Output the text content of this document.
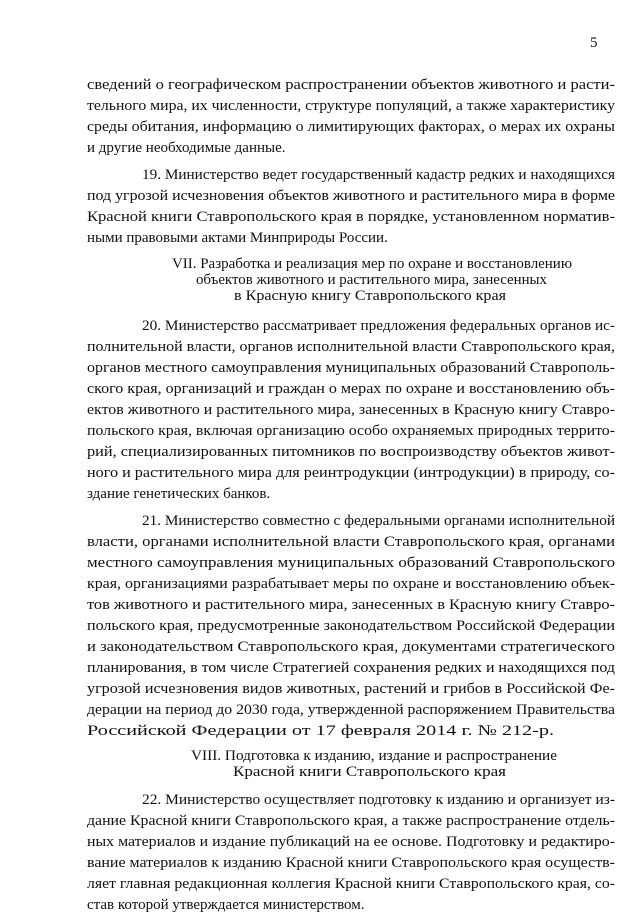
5
сведений о географическом распространении объектов животного и расти-
тельного мира, их численности, структуре популяций, а также характеристику
среды обитания, информацию о лимитирующих факторах, о мерах их охраны
и другие необходимые данные.
19. Министерство ведет государственный кадастр редких и находящихся
под угрозой исчезновения объектов животного и растительного мира в форме
Красной книги Ставропольского края в порядке, установленном норматив-
ными правовыми актами Минприроды России.
VII. Разработка и реализация мер по охране и восстановлению
объектов животного и растительного мира, занесенных
в Красную книгу Ставропольского края
20. Министерство рассматривает предложения федеральных органов ис-
полнительной власти, органов исполнительной власти Ставропольского края,
органов местного самоуправления муниципальных образований Ставрополь-
ского края, организаций и граждан о мерах по охране и восстановлению объ-
ектов животного и растительного мира, занесенных в Красную книгу Ставро-
польского края, включая организацию особо охраняемых природных террито-
рий, специализированных питомников по воспроизводству объектов живот-
ного и растительного мира для реинтродукции (интродукции) в природу, со-
здание генетических банков.
21. Министерство совместно с федеральными органами исполнительной
власти, органами исполнительной власти Ставропольского края, органами
местного самоуправления муниципальных образований Ставропольского
края, организациями разрабатывает меры по охране и восстановлению объек-
тов животного и растительного мира, занесенных в Красную книгу Ставро-
польского края, предусмотренные законодательством Российской Федерации
и законодательством Ставропольского края, документами стратегического
планирования, в том числе Стратегией сохранения редких и находящихся под
угрозой исчезновения видов животных, растений и грибов в Российской Фе-
дерации на период до 2030 года, утвержденной распоряжением Правительства
Российской Федерации от 17 февраля 2014 г. № 212-р.
VIII. Подготовка к изданию, издание и распространение
Красной книги Ставропольского края
22. Министерство осуществляет подготовку к изданию и организует из-
дание Красной книги Ставропольского края, а также распространение отдель-
ных материалов и издание публикаций на ее основе. Подготовку и редактиро-
вание материалов к изданию Красной книги Ставропольского края осуществ-
ляет главная редакционная коллегия Красной книги Ставропольского края, со-
став которой утверждается министерством.
